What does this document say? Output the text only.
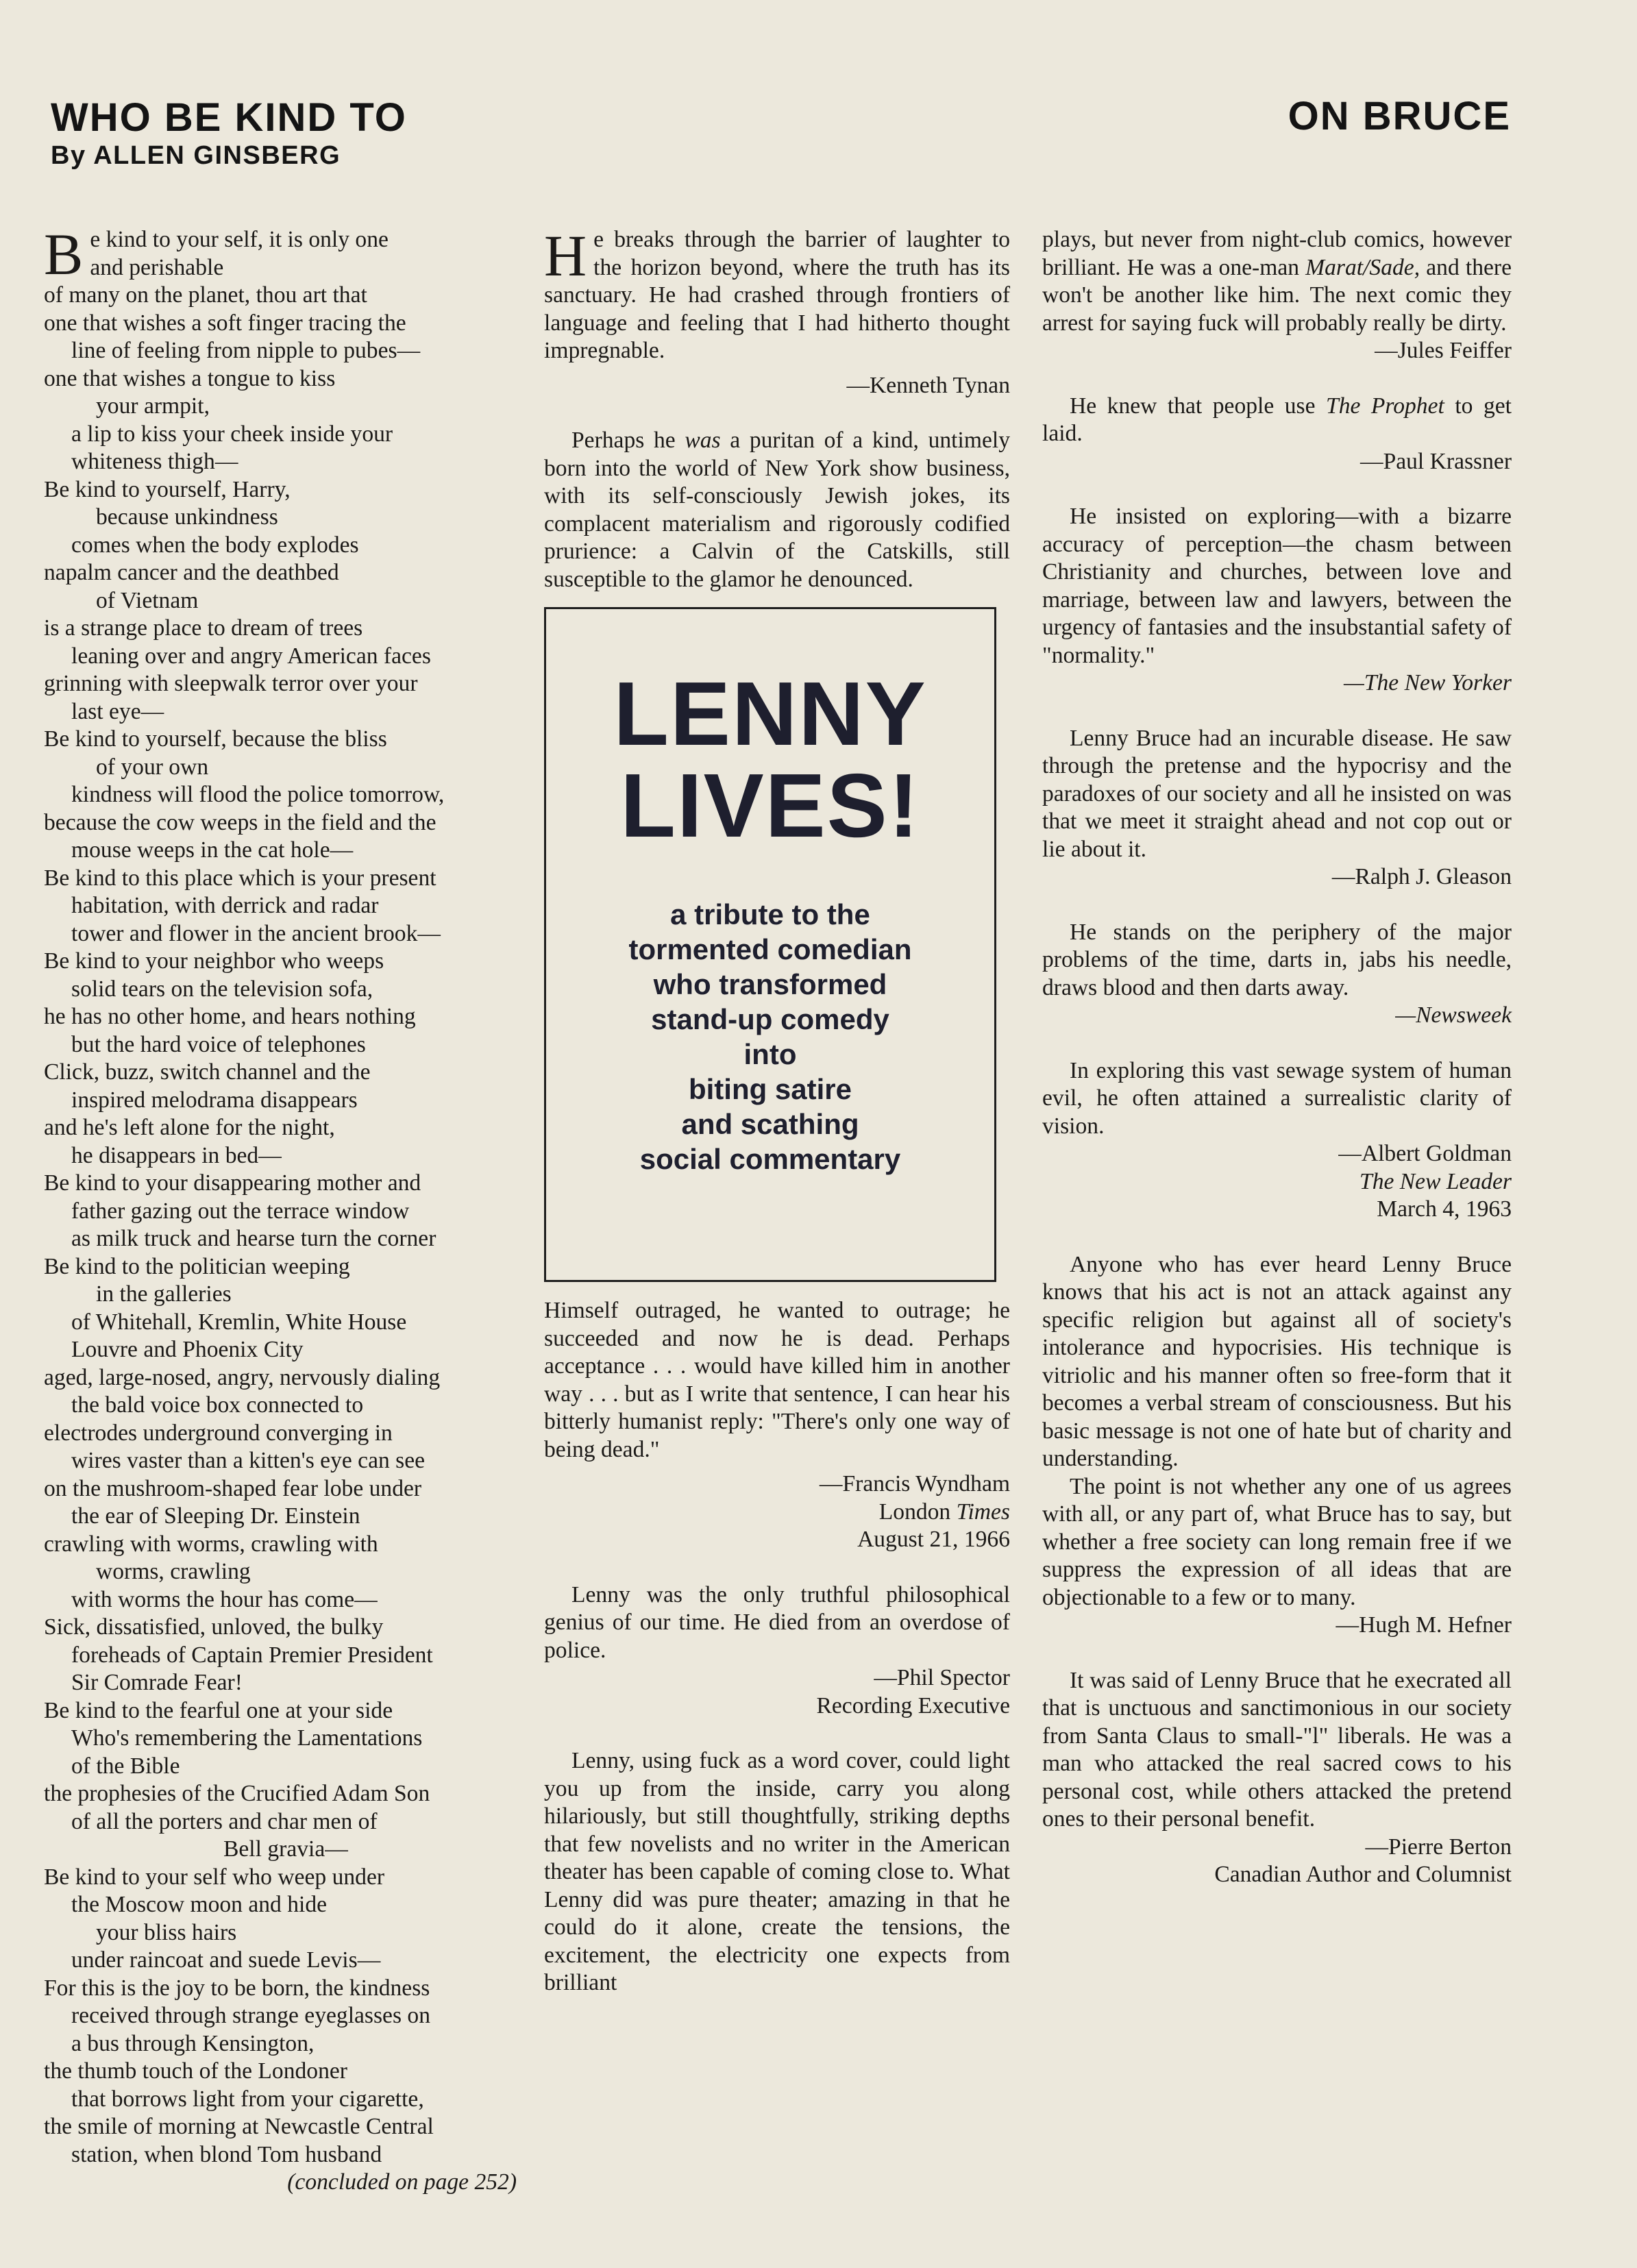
WHO BE KIND TO
By ALLEN GINSBERG
ON BRUCE
B e kind to your self, it is only one
and perishable
of many on the planet, thou art that
one that wishes a soft finger tracing the
line of feeling from nipple to pubes—
one that wishes a tongue to kiss
your armpit,
a lip to kiss your cheek inside your
whiteness thigh—
Be kind to yourself, Harry,
because unkindness
comes when the body explodes
napalm cancer and the deathbed
of Vietnam
is a strange place to dream of trees
leaning over and angry American faces
grinning with sleepwalk terror over your
last eye—
Be kind to yourself, because the bliss
of your own
kindness will flood the police tomorrow,
because the cow weeps in the field and the
mouse weeps in the cat hole—
Be kind to this place which is your present
habitation, with derrick and radar
tower and flower in the ancient brook—
Be kind to your neighbor who weeps
solid tears on the television sofa,
he has no other home, and hears nothing
but the hard voice of telephones
Click, buzz, switch channel and the
inspired melodrama disappears
and he's left alone for the night,
he disappears in bed—
Be kind to your disappearing mother and
father gazing out the terrace window
as milk truck and hearse turn the corner
Be kind to the politician weeping
in the galleries
of Whitehall, Kremlin, White House
Louvre and Phoenix City
aged, large-nosed, angry, nervously dialing
the bald voice box connected to
electrodes underground converging in
wires vaster than a kitten's eye can see
on the mushroom-shaped fear lobe under
the ear of Sleeping Dr. Einstein
crawling with worms, crawling with
worms, crawling
with worms the hour has come—
Sick, dissatisfied, unloved, the bulky
foreheads of Captain Premier President
Sir Comrade Fear!
Be kind to the fearful one at your side
Who's remembering the Lamentations
of the Bible
the prophesies of the Crucified Adam Son
of all the porters and char men of
Bell gravia—
Be kind to your self who weep under
the Moscow moon and hide
your bliss hairs
under raincoat and suede Levis—
For this is the joy to be born, the kindness
received through strange eyeglasses on
a bus through Kensington,
the thumb touch of the Londoner
that borrows light from your cigarette,
the smile of morning at Newcastle Central
station, when blond Tom husband
(concluded on page 252)

He breaks through the barrier of laughter to the horizon beyond, where the truth has its sanctuary. He had crashed through frontiers of language and feeling that I had hitherto thought impregnable.

—Kenneth Tynan

Perhaps he was a puritan of a kind, untimely born into the world of New York show business, with its self-consciously Jewish jokes, its complacent materialism and rigorously codified prurience: a Calvin of the Catskills, still susceptible to the glamor he denounced.

LENNY
LIVES!
a tribute to the
tormented comedian
who transformed
stand-up comedy
into
biting satire
and scathing
social commentary

Himself outraged, he wanted to outrage; he succeeded and now he is dead. Perhaps acceptance . . . would have killed him in another way . . . but as I write that sentence, I can hear his bitterly humanist reply: "There's only one way of being dead."

—Francis Wyndham

London Times

August 21, 1966

Lenny was the only truthful philosophical genius of our time. He died from an overdose of police.

—Phil Spector

Recording Executive

Lenny, using fuck as a word cover, could light you up from the inside, carry you along hilariously, but still thoughtfully, striking depths that few novelists and no writer in the American theater has been capable of coming close to. What Lenny did was pure theater; amazing in that he could do it alone, create the tensions, the excitement, the electricity one expects from brilliant

plays, but never from night-club comics, however brilliant. He was a one-man Marat/Sade, and there won't be another like him. The next comic they arrest for saying fuck will probably really be dirty.

—Jules Feiffer

He knew that people use The Prophet to get laid.

—Paul Krassner

He insisted on exploring—with a bizarre accuracy of perception—the chasm between Christianity and churches, between love and marriage, between law and lawyers, between the urgency of fantasies and the insubstantial safety of "normality."

—The New Yorker

Lenny Bruce had an incurable disease. He saw through the pretense and the hypocrisy and the paradoxes of our society and all he insisted on was that we meet it straight ahead and not cop out or lie about it.

—Ralph J. Gleason

He stands on the periphery of the major problems of the time, darts in, jabs his needle, draws blood and then darts away.

—Newsweek

In exploring this vast sewage system of human evil, he often attained a surrealistic clarity of vision.

—Albert Goldman

The New Leader

March 4, 1963

Anyone who has ever heard Lenny Bruce knows that his act is not an attack against any specific religion but against all of society's intolerance and hypocrisies. His technique is vitriolic and his manner often so free-form that it becomes a verbal stream of consciousness. But his basic message is not one of hate but of charity and understanding.

The point is not whether any one of us agrees with all, or any part of, what Bruce has to say, but whether a free society can long remain free if we suppress the expression of all ideas that are objectionable to a few or to many.

—Hugh M. Hefner

It was said of Lenny Bruce that he execrated all that is unctuous and sanctimonious in our society from Santa Claus to small-"l" liberals. He was a man who attacked the real sacred cows to his personal cost, while others attacked the pretend ones to their personal benefit.

—Pierre Berton

Canadian Author and Columnist
